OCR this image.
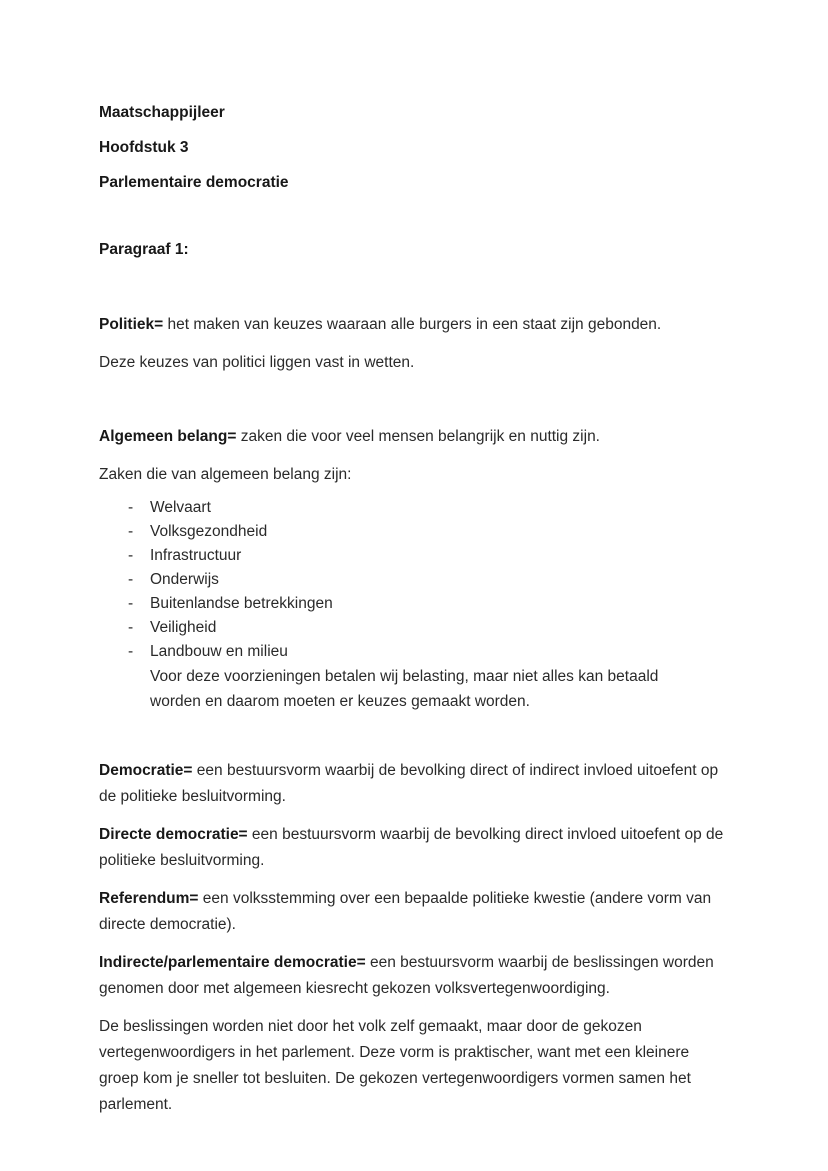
Maatschappijleer
Hoofdstuk 3
Parlementaire democratie
Paragraaf 1:

Politiek= het maken van keuzes waaraan alle burgers in een staat zijn gebonden.

Deze keuzes van politici liggen vast in wetten.

Algemeen belang= zaken die voor veel mensen belangrijk en nuttig zijn.

Zaken die van algemeen belang zijn:

-	Welvaart
-	Volksgezondheid
-	Infrastructuur
-	Onderwijs
-	Buitenlandse betrekkingen
-	Veiligheid
-	Landbouw en milieu
Voor deze voorzieningen betalen wij belasting, maar niet alles kan betaald worden en daarom moeten er keuzes gemaakt worden.

Democratie= een bestuursvorm waarbij de bevolking direct of indirect invloed uitoefent op de politieke besluitvorming.

Directe democratie= een bestuursvorm waarbij de bevolking direct invloed uitoefent op de politieke besluitvorming.

Referendum= een volksstemming over een bepaalde politieke kwestie (andere vorm van directe democratie).

Indirecte/parlementaire democratie= een bestuursvorm waarbij de beslissingen worden genomen door met algemeen kiesrecht gekozen volksvertegenwoordiging.

De beslissingen worden niet door het volk zelf gemaakt, maar door de gekozen vertegenwoordigers in het parlement. Deze vorm is praktischer, want met een kleinere groep kom je sneller tot besluiten. De gekozen vertegenwoordigers vormen samen het parlement.
